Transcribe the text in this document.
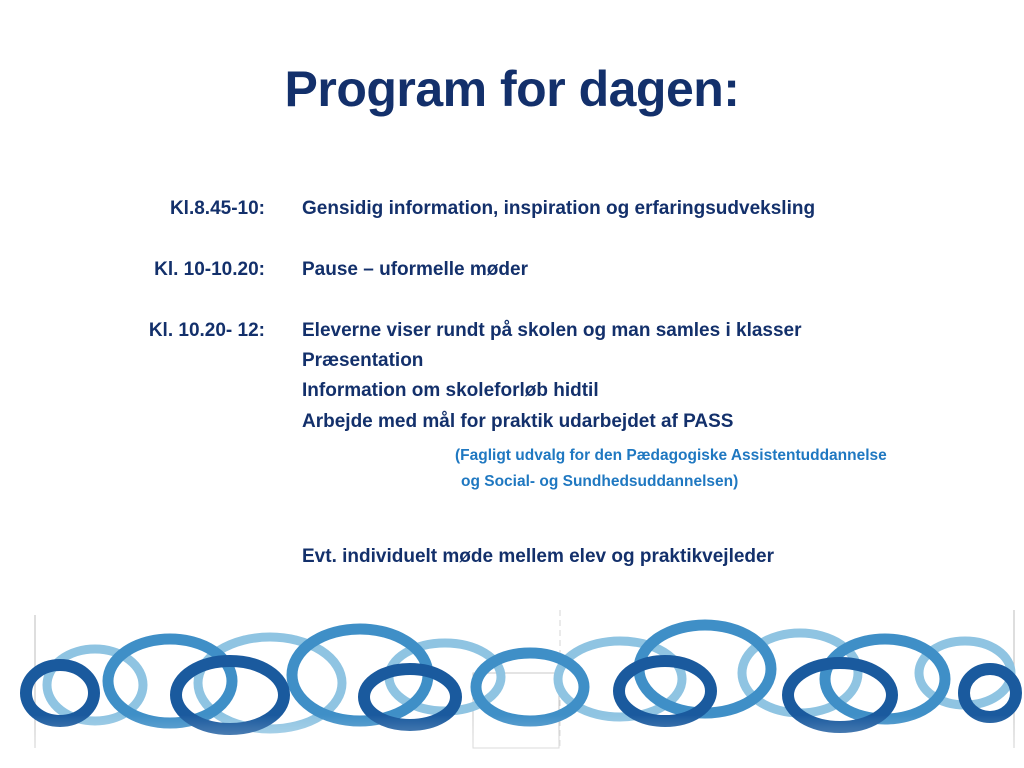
Program for dagen:
Kl.8.45-10: Gensidig information, inspiration og erfaringsudveksling
Kl. 10-10.20: Pause – uformelle møder
Kl. 10.20- 12: Eleverne viser rundt på skolen og man samles i klasser
Præsentation
Information om skoleforløb hidtil
Arbejde med mål for praktik udarbejdet af PASS
(Fagligt udvalg for den Pædagogiske Assistentuddannelse
og Social- og Sundhedsuddannelsen)
Evt. individuelt møde mellem elev og praktikvejleder
